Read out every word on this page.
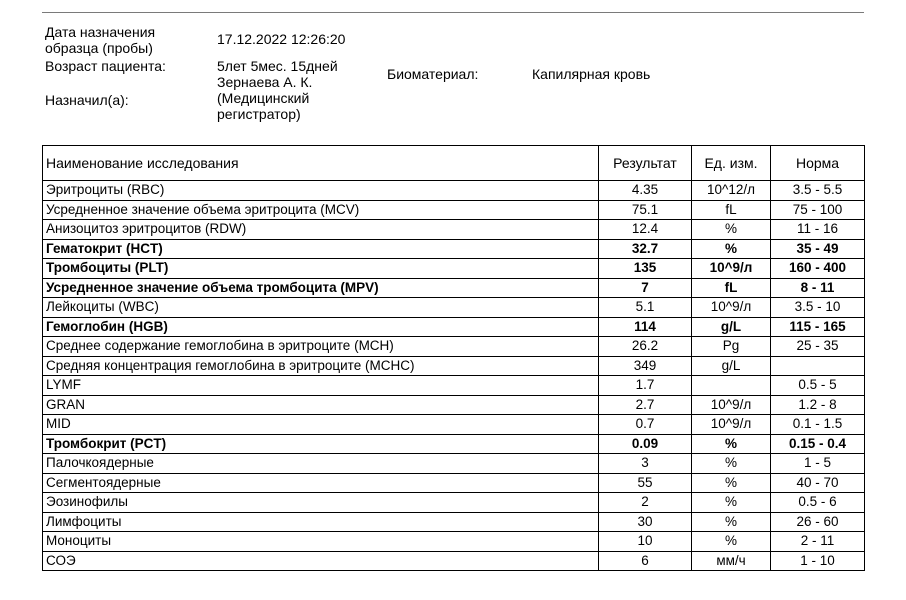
Дата назначения образца (пробы)
17.12.2022 12:26:20
Возраст пациента:	5лет 5мес. 15дней
Назначил(а):
Зернаева А. К. (Медицинский регистратор)
Биоматериал:	Капилярная кровь
Наименование исследования	Результат	Ед. изм.	Норма
Эритроциты (RBC)	4.35	10^12/л	3.5 - 5.5
Усредненное значение объема эритроцита (MCV)	75.1	fL	75 - 100
Анизоцитоз эритроцитов (RDW)	12.4	%	11 - 16
Гематокрит (HCT)	32.7	%	35 - 49
Тромбоциты (PLT)	135	10^9/л	160 - 400
Усредненное значение объема тромбоцита (MPV)	7	fL	8 - 11
Лейкоциты (WBC)	5.1	10^9/л	3.5 - 10
Гемоглобин (HGB)	114	g/L	115 - 165
Среднее содержание гемоглобина в эритроците (MCH)	26.2	Pg	25 - 35
Средняя концентрация гемоглобина в эритроците (MCHC)	349	g/L	
LYMF	1.7		0.5 - 5
GRAN	2.7	10^9/л	1.2 - 8
MID	0.7	10^9/л	0.1 - 1.5
Тромбокрит (PCT)	0.09	%	0.15 - 0.4
Палочкоядерные	3	%	1 - 5
Сегментоядерные	55	%	40 - 70
Эозинофилы	2	%	0.5 - 6
Лимфоциты	30	%	26 - 60
Моноциты	10	%	2 - 11
СОЭ	6	мм/ч	1 - 10
